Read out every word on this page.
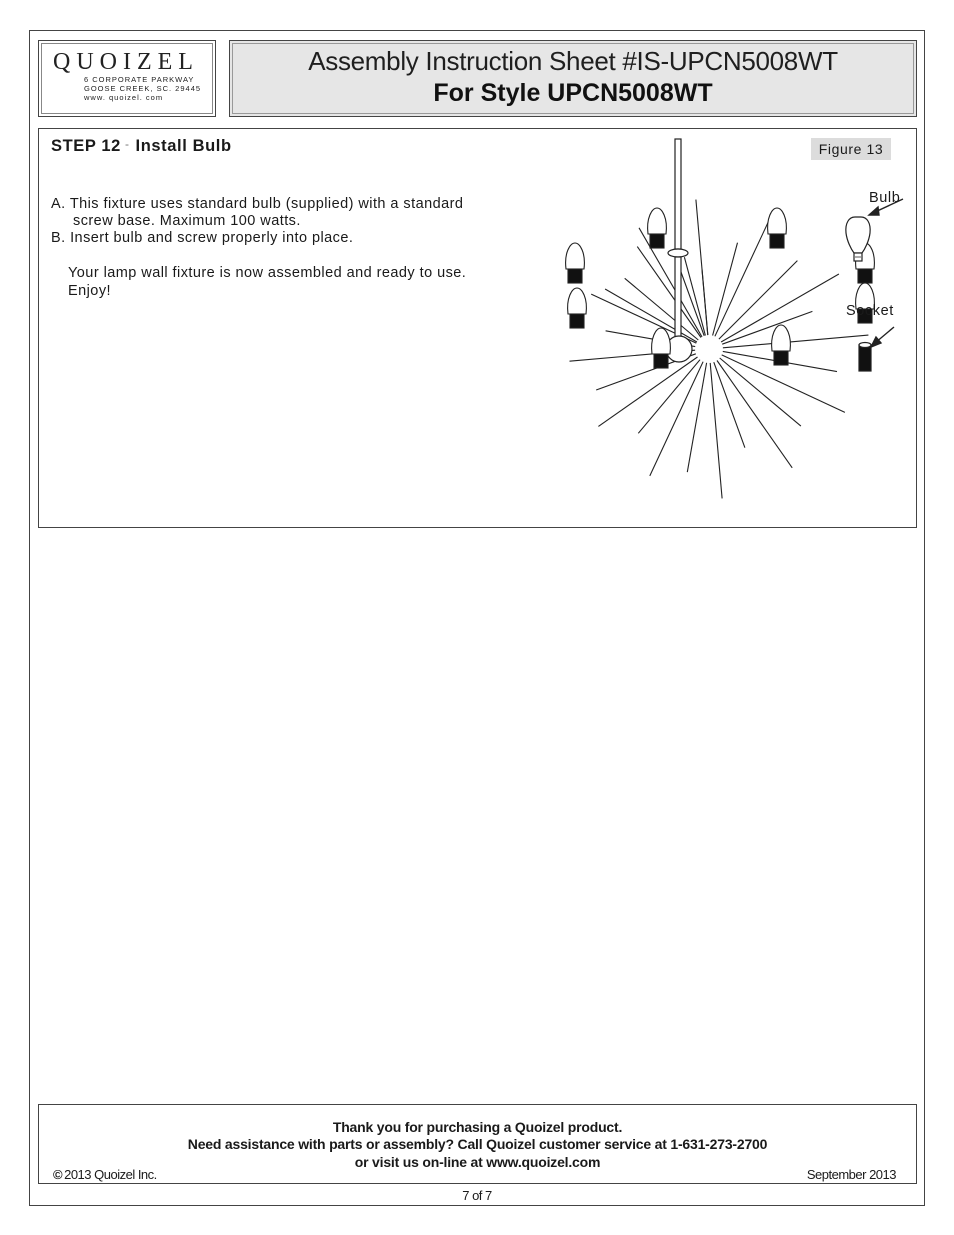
QUOIZEL
6 CORPORATE PARKWAY
GOOSE CREEK, SC. 29445
www. quoizel. com
Assembly Instruction Sheet #IS-UPCN5008WT
For Style UPCN5008WT
STEP 12 - Install Bulb	Figure 13
A. This fixture uses standard bulb (supplied) with a standard
screw base. Maximum 100 watts.
B. Insert bulb and screw properly into place.
Your lamp wall fixture is now assembled and ready to use.
Enjoy!
Bulb
Socket
Thank you for purchasing a Quoizel product.
Need assistance with parts or assembly? Call Quoizel customer service at 1-631-273-2700
or visit us on-line at www.quoizel.com
© 2013 Quoizel Inc.	September 2013
7 of 7
